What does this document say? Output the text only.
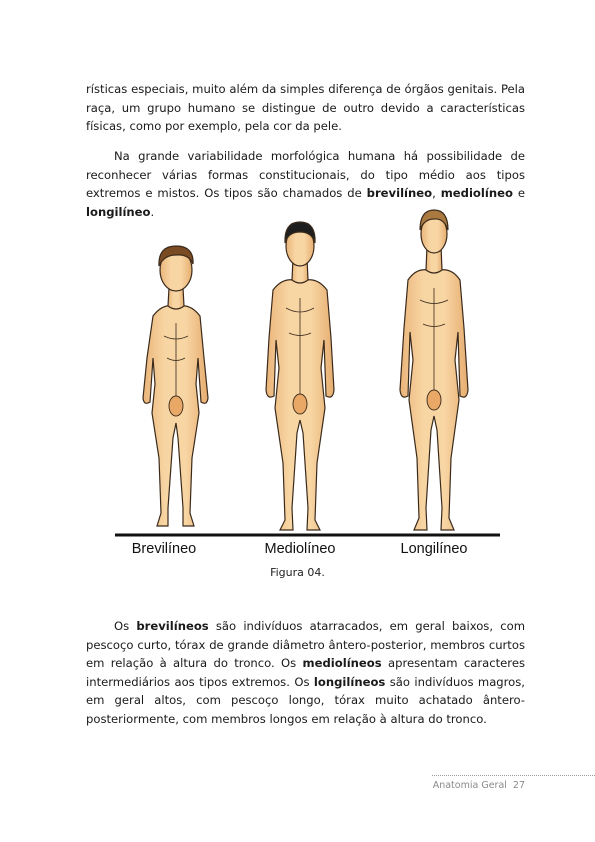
rísticas especiais, muito além da simples diferença de órgãos genitais. Pela raça, um grupo humano se distingue de outro devido a características físicas, como por exemplo, pela cor da pele.

Na grande variabilidade morfológica humana há possibilidade de reconhecer várias formas constitucionais, do tipo médio aos tipos extremos e mistos. Os tipos são chamados de brevilíneo, mediolíneo e longilíneo.

Brevilíneo	Mediolíneo	Longilíneo
Figura 04.

Os brevilíneos são indivíduos atarracados, em geral baixos, com pescoço curto, tórax de grande diâmetro ântero-posterior, membros curtos em relação à altura do tronco. Os mediolíneos apresentam caracteres intermediários aos tipos extremos. Os longilíneos são indivíduos magros, em geral altos, com pescoço longo, tórax muito achatado ântero-posteriormente, com membros longos em relação à altura do tronco.

Anatomia Geral 27
